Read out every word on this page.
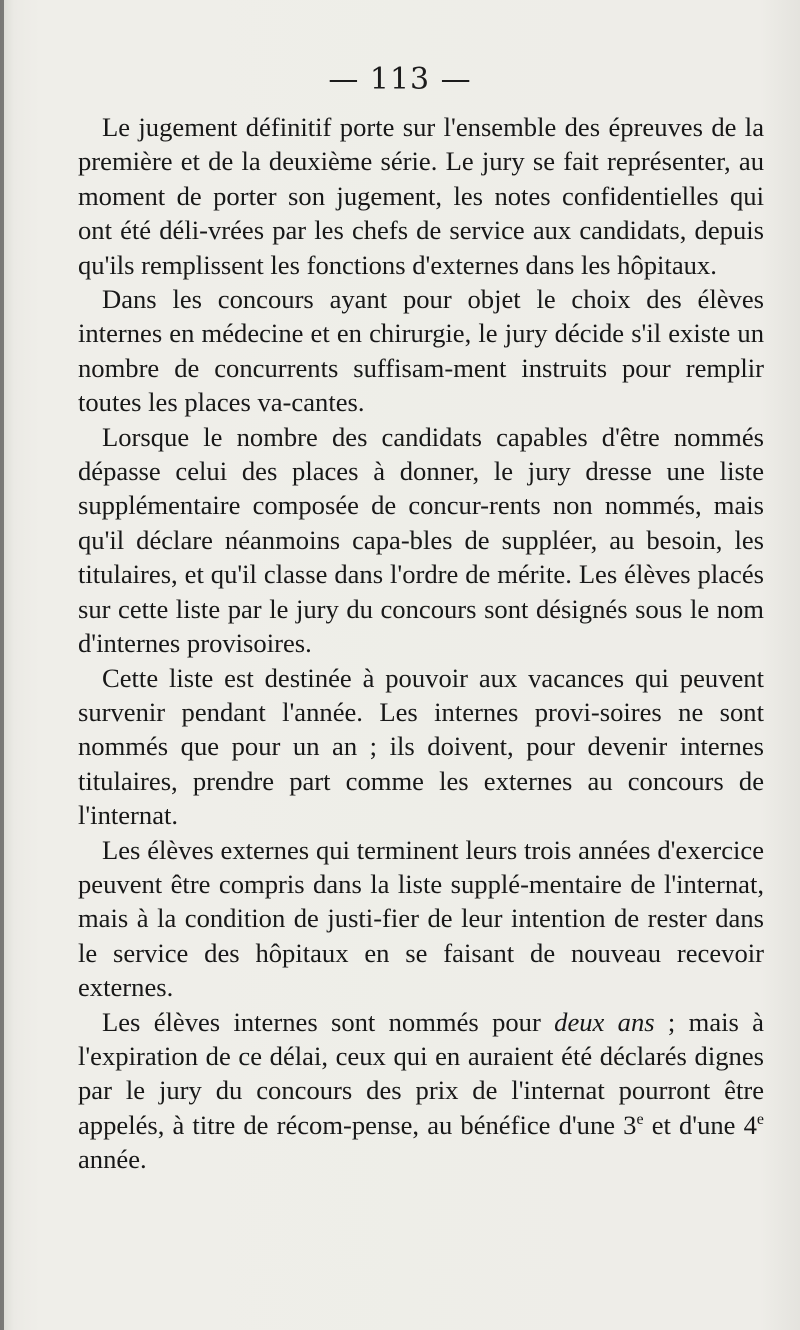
— 113 —

Le jugement définitif porte sur l'ensemble des épreuves de la première et de la deuxième série. Le jury se fait représenter, au moment de porter son jugement, les notes confidentielles qui ont été déli-vrées par les chefs de service aux candidats, depuis qu'ils remplissent les fonctions d'externes dans les hôpitaux.

Dans les concours ayant pour objet le choix des élèves internes en médecine et en chirurgie, le jury décide s'il existe un nombre de concurrents suffisam-ment instruits pour remplir toutes les places va-cantes.

Lorsque le nombre des candidats capables d'être nommés dépasse celui des places à donner, le jury dresse une liste supplémentaire composée de concur-rents non nommés, mais qu'il déclare néanmoins capa-bles de suppléer, au besoin, les titulaires, et qu'il classe dans l'ordre de mérite. Les élèves placés sur cette liste par le jury du concours sont désignés sous le nom d'internes provisoires.

Cette liste est destinée à pouvoir aux vacances qui peuvent survenir pendant l'année. Les internes provi-soires ne sont nommés que pour un an ; ils doivent, pour devenir internes titulaires, prendre part comme les externes au concours de l'internat.

Les élèves externes qui terminent leurs trois années d'exercice peuvent être compris dans la liste supplé-mentaire de l'internat, mais à la condition de justi-fier de leur intention de rester dans le service des hôpitaux en se faisant de nouveau recevoir externes.

Les élèves internes sont nommés pour deux ans ; mais à l'expiration de ce délai, ceux qui en auraient été déclarés dignes par le jury du concours des prix de l'internat pourront être appelés, à titre de récom-pense, au bénéfice d'une 3e et d'une 4e année.
